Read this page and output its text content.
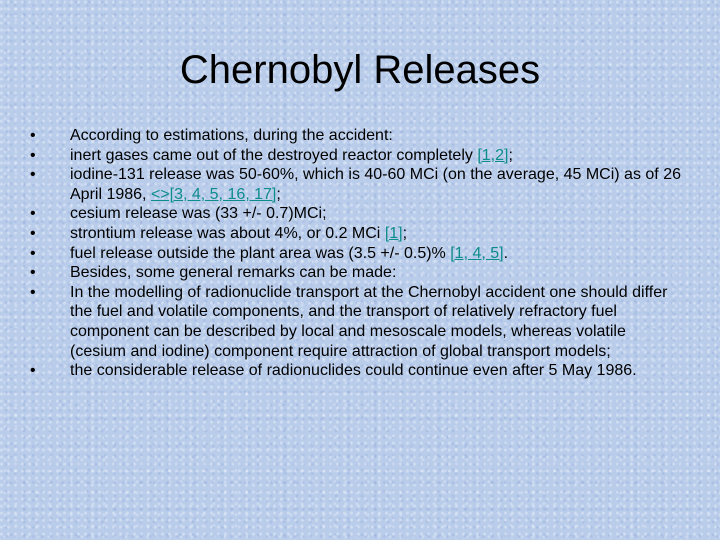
Chernobyl Releases
• According to estimations, during the accident:
• inert gases came out of the destroyed reactor completely [1,2];
• iodine-131 release was 50-60%, which is 40-60 MCi (on the average, 45 MCi) as of 26 April 1986, <>[3, 4, 5, 16, 17];
• cesium release was (33 +/- 0.7)MCi;
• strontium release was about 4%, or 0.2 MCi [1];
• fuel release outside the plant area was (3.5 +/- 0.5)% [1, 4, 5].
• Besides, some general remarks can be made:
• In the modelling of radionuclide transport at the Chernobyl accident one should differ the fuel and volatile components, and the transport of relatively refractory fuel component can be described by local and mesoscale models, whereas volatile (cesium and iodine) component require attraction of global transport models;
• the considerable release of radionuclides could continue even after 5 May 1986.
